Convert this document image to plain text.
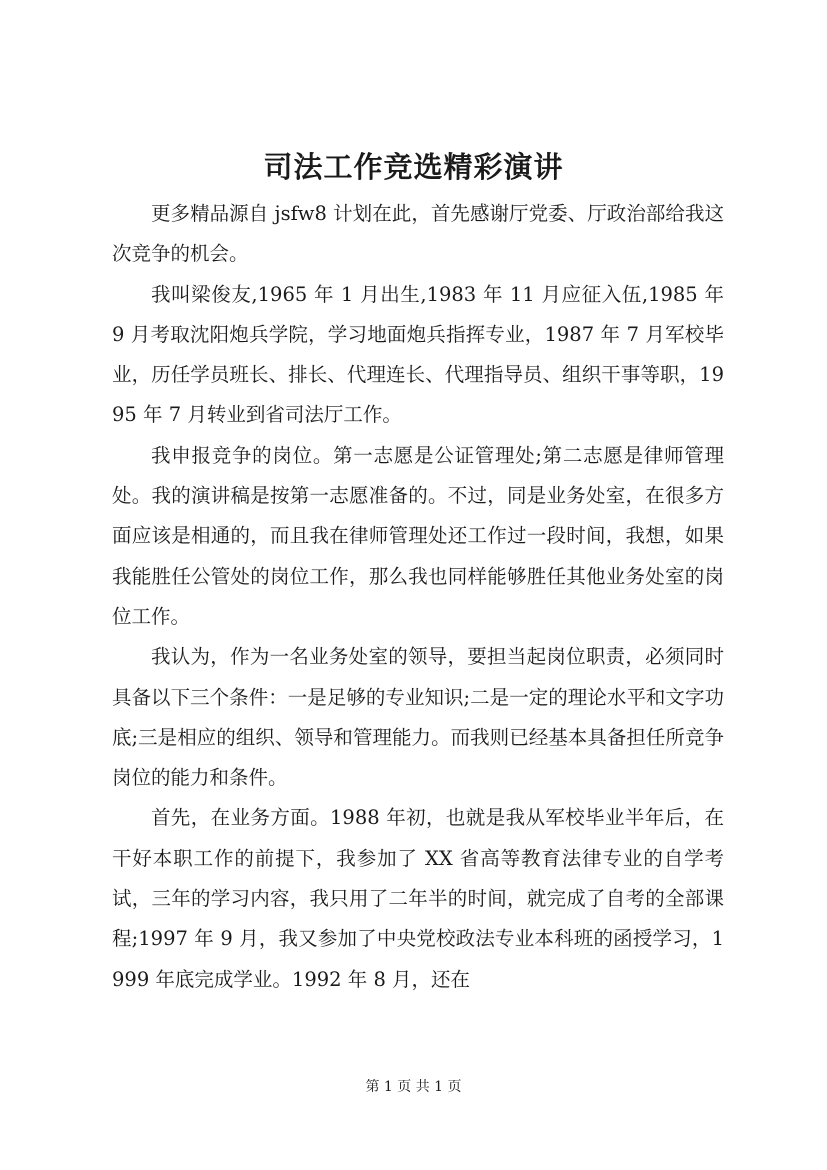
司法工作竞选精彩演讲

更多精品源自 jsfw8 计划在此，首先感谢厅党委、厅政治部给我这次竞争的机会。

我叫梁俊友,1965 年 1 月出生,1983 年 11 月应征入伍,1985 年 9 月考取沈阳炮兵学院，学习地面炮兵指挥专业，1987 年 7 月军校毕业，历任学员班长、排长、代理连长、代理指导员、组织干事等职，1995 年 7 月转业到省司法厅工作。

我申报竞争的岗位。第一志愿是公证管理处;第二志愿是律师管理处。我的演讲稿是按第一志愿准备的。不过，同是业务处室，在很多方面应该是相通的，而且我在律师管理处还工作过一段时间，我想，如果我能胜任公管处的岗位工作，那么我也同样能够胜任其他业务处室的岗位工作。

我认为，作为一名业务处室的领导，要担当起岗位职责，必须同时具备以下三个条件：一是足够的专业知识;二是一定的理论水平和文字功底;三是相应的组织、领导和管理能力。而我则已经基本具备担任所竞争岗位的能力和条件。

首先，在业务方面。1988 年初，也就是我从军校毕业半年后，在干好本职工作的前提下，我参加了 XX 省高等教育法律专业的自学考试，三年的学习内容，我只用了二年半的时间，就完成了自考的全部课程;1997 年 9 月，我又参加了中央党校政法专业本科班的函授学习，1999 年底完成学业。1992 年 8 月，还在

第 1 页 共 1 页
